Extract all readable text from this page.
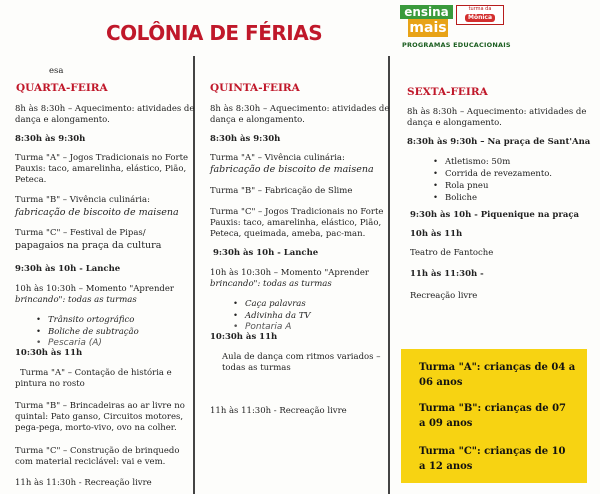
COLÔNIA DE FÉRIAS
ensina
mais
turma da
Mônica
PROGRAMAS EDUCACIONAIS
esa
QUARTA-FEIRA
8h às 8:30h – Aquecimento: atividades de
dança e alongamento.
8:30h às 9:30h
Turma "A" – Jogos Tradicionais no Forte
Pauxis: taco, amarelinha, elástico, Pião,
Peteca.
Turma "B" – Vivência culinária:
fabricação de biscoito de maisena
Turma "C" – Festival de Pipas/
papagaios na praça da cultura
9:30h às 10h - Lanche
10h às 10:30h – Momento "Aprender
brincando": todas as turmas
• Trânsito ortográfico
• Boliche de subtração
• Pescaria (A)
10:30h às 11h
Turma "A" – Contação de história e
pintura no rosto
Turma "B" – Brincadeiras ao ar livre no
quintal: Pato ganso, Circuitos motores,
pega-pega, morto-vivo, ovo na colher.
Turma "C" – Construção de brinquedo
com material reciclável: vai e vem.
11h às 11:30h - Recreação livre
QUINTA-FEIRA
8h às 8:30h – Aquecimento: atividades de
dança e alongamento.
8:30h às 9:30h
Turma "A" – Vivência culinária:
fabricação de biscoito de maisena
Turma "B" – Fabricação de Slime
Turma "C" – Jogos Tradicionais no Forte
Pauxis: taco, amarelinha, elástico, Pião,
Peteca, queimada, ameba, pac-man.
9:30h às 10h - Lanche
10h às 10:30h – Momento "Aprender
brincando": todas as turmas
• Caça palavras
• Adivinha da TV
• Pontaria A
10:30h às 11h
Aula de dança com ritmos variados –
todas as turmas
11h às 11:30h - Recreação livre
SEXTA-FEIRA
8h às 8:30h – Aquecimento: atividades de
dança e alongamento.
8:30h às 9:30h – Na praça de Sant'Ana
• Atletismo: 50m
• Corrida de revezamento.
• Rola pneu
• Boliche
9:30h às 10h - Piquenique na praça
10h às 11h
Teatro de Fantoche
11h às 11:30h -
Recreação livre
Turma "A": crianças de 04 a
06 anos
Turma "B": crianças de 07
a 09 anos
Turma "C": crianças de 10
a 12 anos
